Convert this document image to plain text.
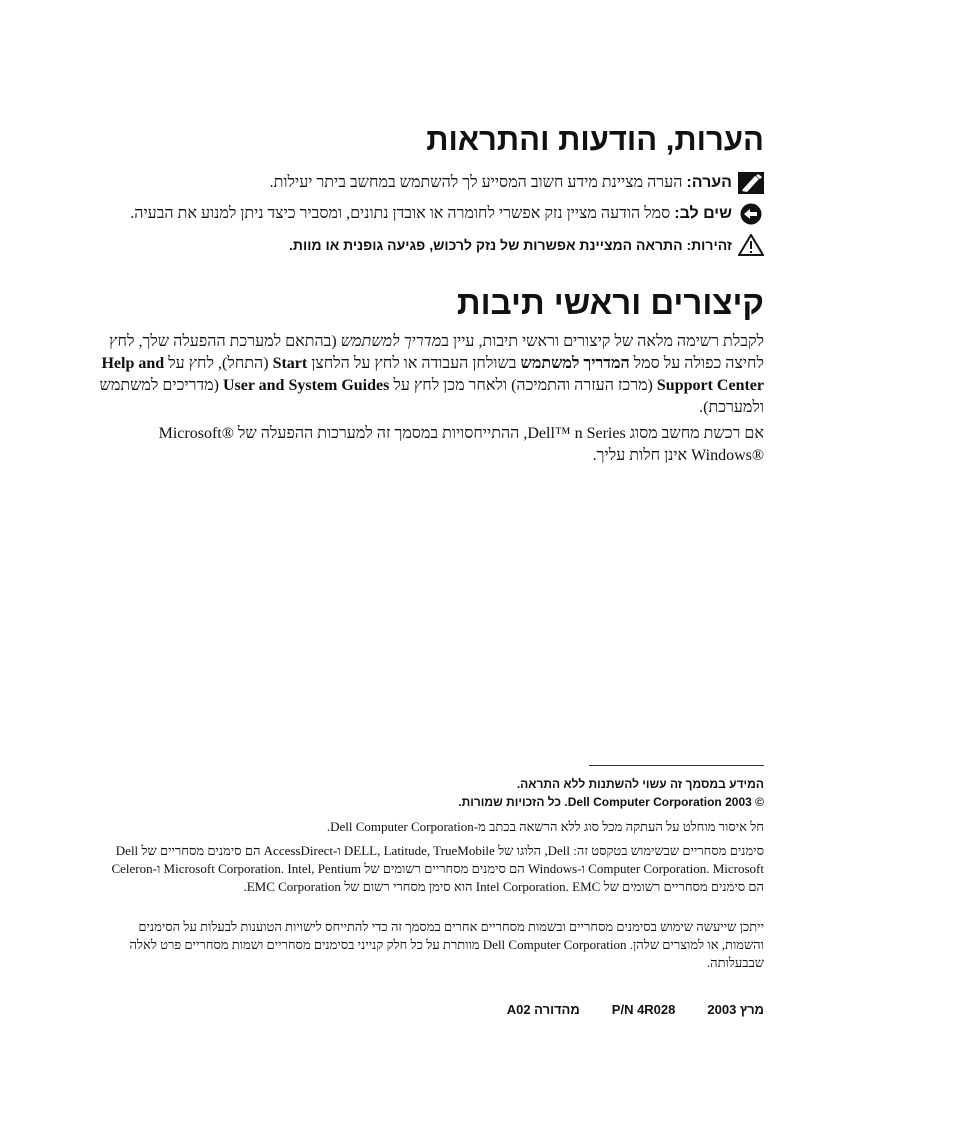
הערות, הודעות והתראות
הערה: הערה מציינת מידע חשוב המסייע לך להשתמש במחשב ביתר יעילות.
שים לב: סמל הודעה מציין נזק אפשרי לחומרה או אובדן נתונים, ומסביר כיצד ניתן למנוע את הבעיה.
זהירות: התראה המציינת אפשרות של נזק לרכוש, פגיעה גופנית או מוות.
קיצורים וראשי תיבות
לקבלת רשימה מלאה של קיצורים וראשי תיבות, עיין במדריך למשתמש (בהתאם למערכת ההפעלה שלך, לחץ לחיצה כפולה על סמל המדריך למשתמש בשולחן העבודה או לחץ על הלחצן Start (התחל), לחץ על Help and Support Center (מרכז העזרה והתמיכה) ולאחר מכן לחץ על User and System Guides (מדריכים למשתמש ולמערכת).
אם רכשת מחשב מסוג Dell™ n Series, ההתייחסויות במסמך זה למערכות ההפעלה של Microsoft® Windows® אינן חלות עליך.
המידע במסמך זה עשוי להשתנות ללא התראה.
© 2003 Dell Computer Corporation. כל הזכויות שמורות.
חל איסור מוחלט על העתקה מכל סוג ללא הרשאה בכתב מ-Dell Computer Corporation.
סימנים מסחריים שבשימוש בטקסט זה: Dell, הלוגו של DELL, Latitude, TrueMobile ו-AccessDirect הם סימנים מסחריים של Dell Computer Corporation. Microsoft ו-Windows הם סימנים מסחריים רשומים של Microsoft Corporation. Intel, Pentium ו-Celeron הם סימנים מסחריים רשומים של Intel Corporation. EMC הוא סימן מסחרי רשום של EMC Corporation.
ייתכן שייעשה שימוש בסימנים מסחריים ובשמות מסחריים אחרים במסמך זה כדי להתייחס לישויות הטוענות לבעלות על הסימנים והשמות, או למוצרים שלהן. Dell Computer Corporation מוותרת על כל חלק קנייני בסימנים מסחריים ושמות מסחריים פרט לאלה שבבעלותה.
מרץ 2003
P/N 4R028
מהדורה A02
